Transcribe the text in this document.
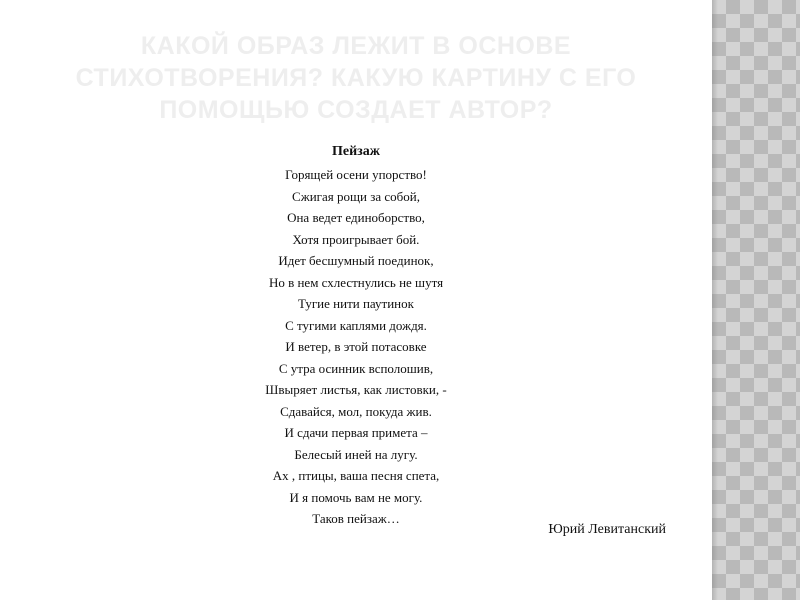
КАКОЙ ОБРАЗ ЛЕЖИТ В ОСНОВЕ СТИХОТВОРЕНИЯ? КАКУЮ КАРТИНУ С ЕГО ПОМОЩЬЮ СОЗДАЕТ АВТОР?
Пейзаж
Горящей осени упорство!
Сжигая рощи за собой,
Она ведет единоборство,
Хотя проигрывает бой.
Идет бесшумный поединок,
Но в нем схлестнулись не шутя
Тугие нити паутинок
С тугими каплями дождя.
И ветер, в этой потасовке
С утра осинник всполошив,
Швыряет листья, как листовки, -
Сдавайся, мол, покуда жив.
И сдачи первая примета –
Белесый иней на лугу.
Ах , птицы, ваша песня спета,
И я помочь вам не могу.
Таков пейзаж…
Юрий Левитанский
